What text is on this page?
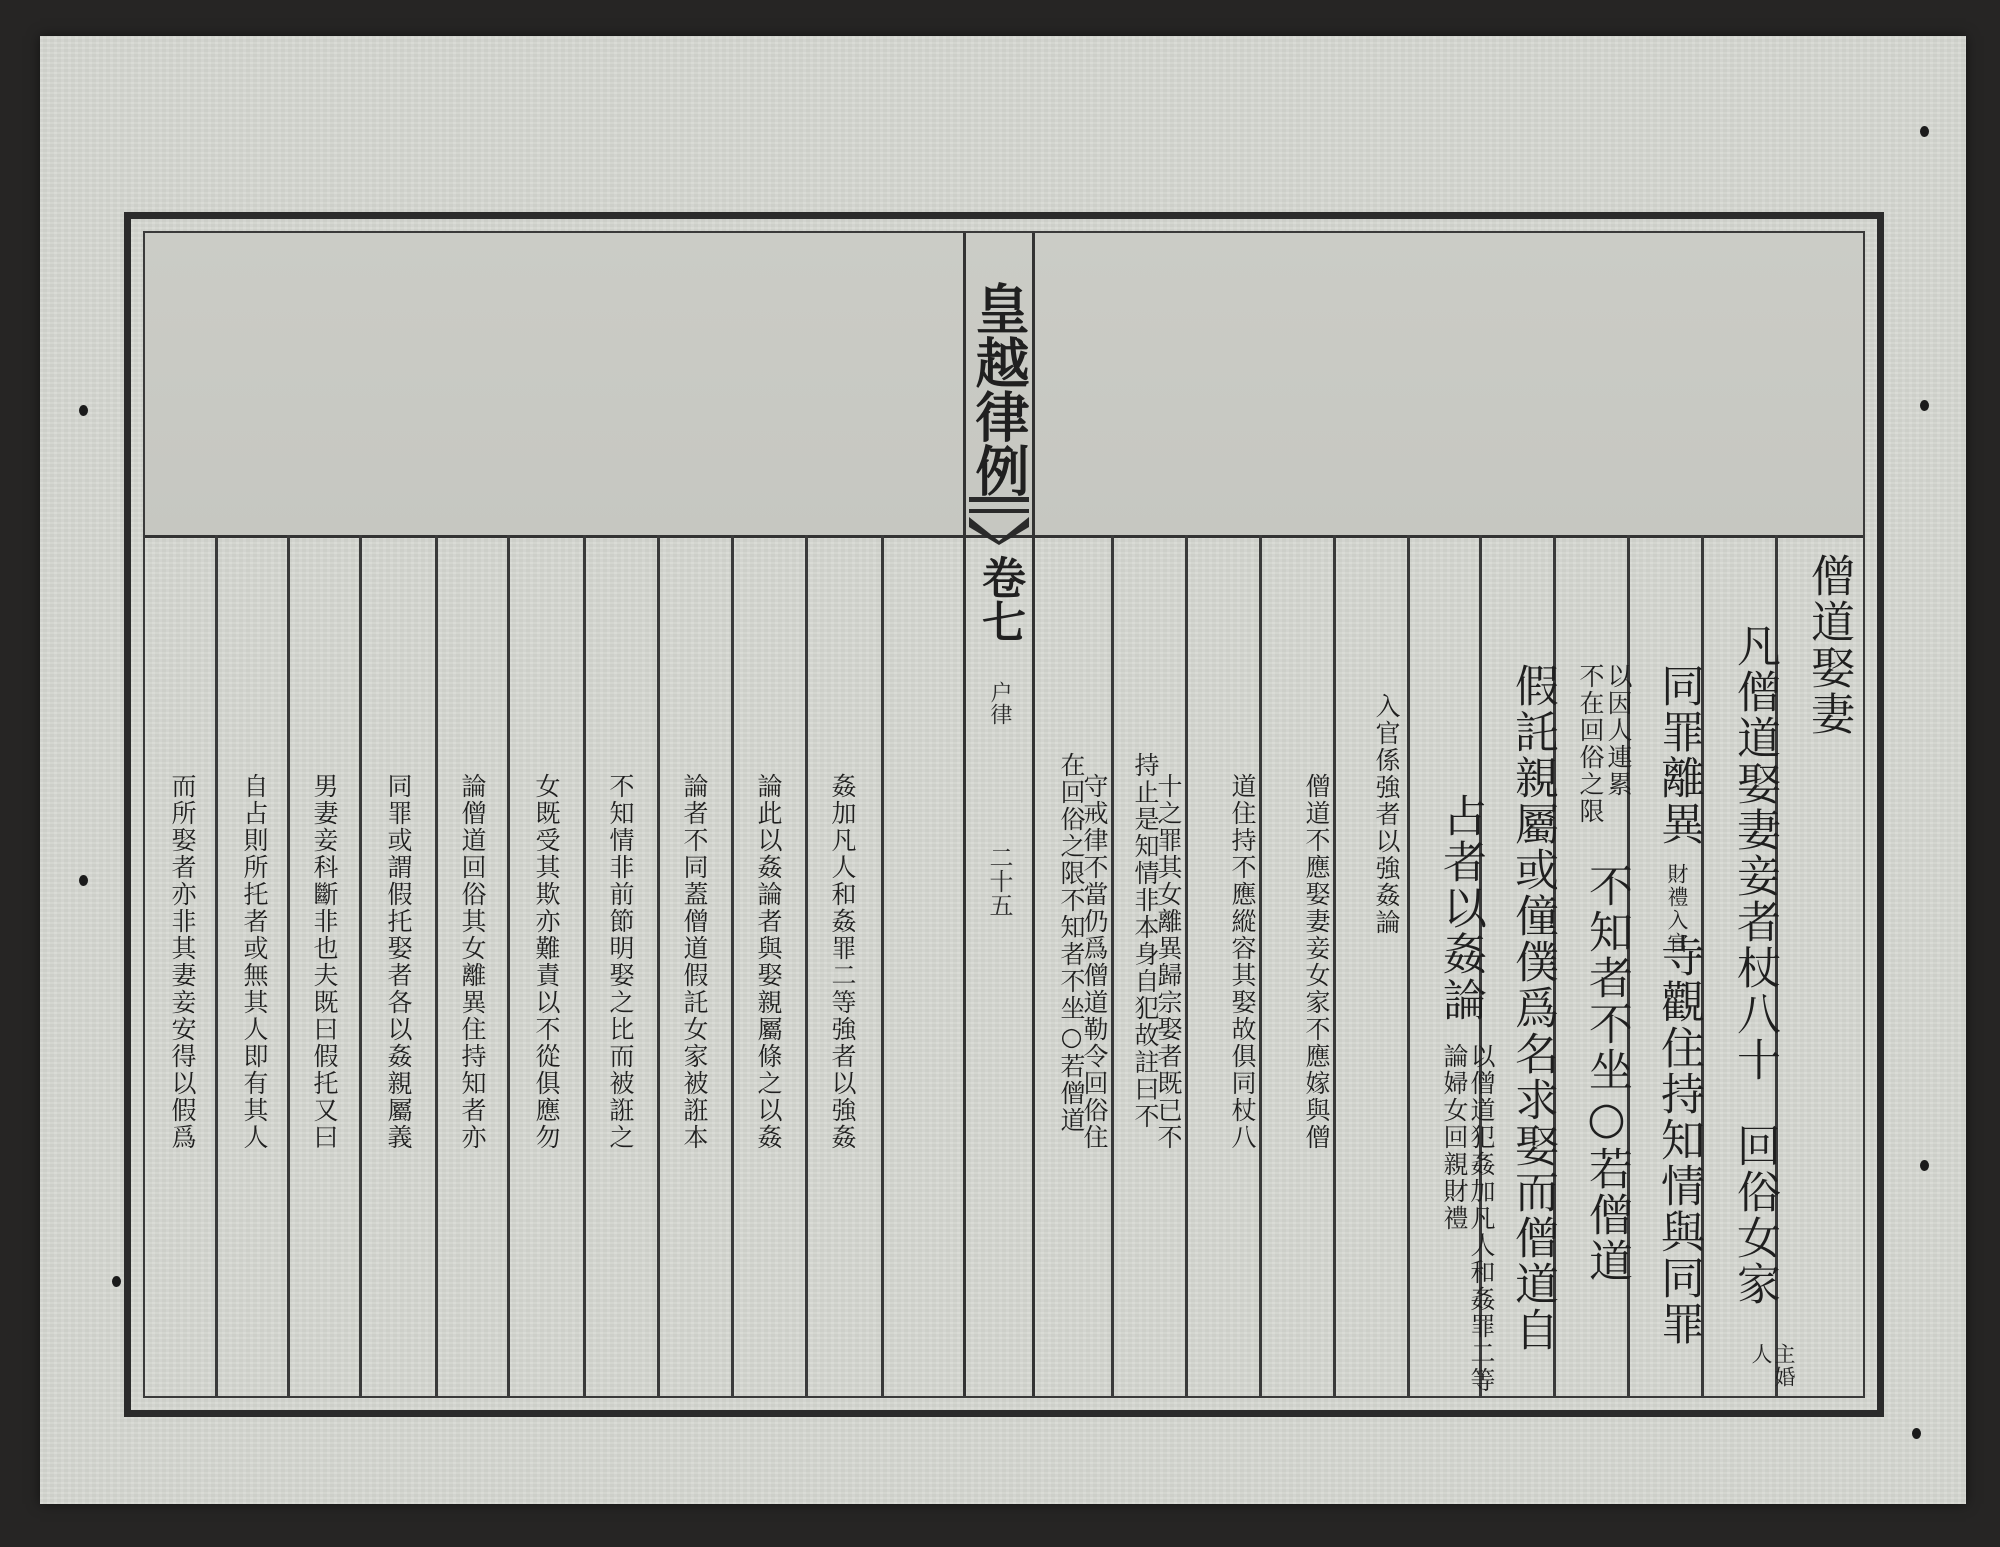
皇越律例
卷七
户律
二十五
僧道娶妻
凡僧道娶妻妾者杖八十
回俗女家
主婚人
同罪離異
財禮入官
寺觀住持知情與同罪
以因人連累
不在回俗之限
不知者不坐○若僧道
假託親屬或僮僕爲名求娶而僧道自
占者以姦論
以僧道犯姦加凡人和姦罪二等論婦女回親財禮
入官係強者以強姦論
僧道不應娶妻妾女家不應嫁與僧
道住持不應縱容其娶故俱同杖八
十之罪其女離異歸宗娶者既已不
守戒律不當仍爲僧道勒令回俗住
姦加凡人和姦罪二等強者以強姦
論此以姦論者與娶親屬條之以姦
論者不同蓋僧道假託女家被誑本
不知情非前節明娶之比而被誑之
女既受其欺亦難責以不從俱應勿
論僧道回俗其女離異住持知者亦
同罪或謂假托娶者各以姦親屬義
男妻妾科斷非也夫既曰假托又曰
自占則所托者或無其人即有其人
而所娶者亦非其妻妾安得以假爲	持止是知情非本身自犯故註曰不
在回俗之限不知者不坐○若僧道
